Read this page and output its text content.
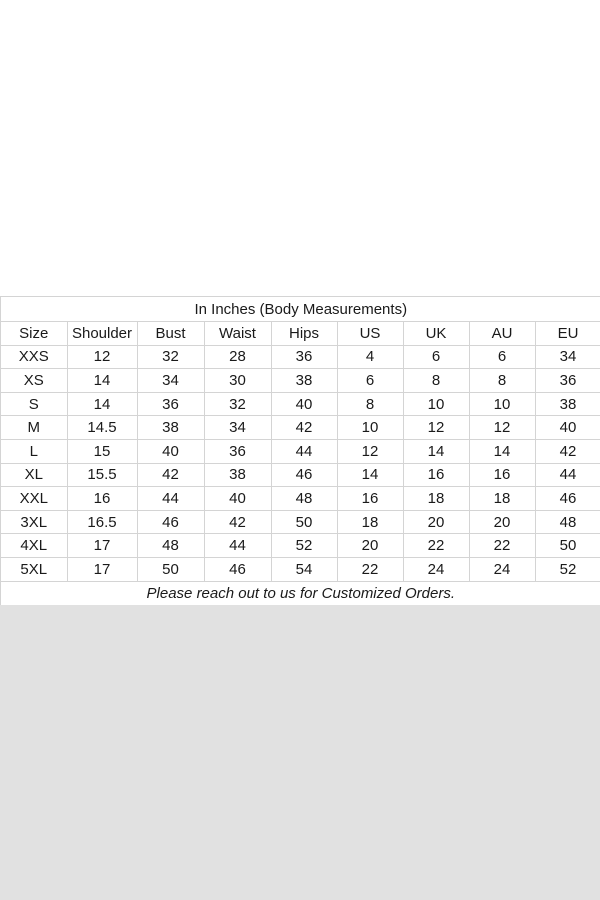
In Inches (Body Measurements)								
Size	Shoulder	Bust	Waist	Hips	US	UK	AU	EU
XXS	12	32	28	36	4	6	6	34
XS	14	34	30	38	6	8	8	36
S	14	36	32	40	8	10	10	38
M	14.5	38	34	42	10	12	12	40
L	15	40	36	44	12	14	14	42
XL	15.5	42	38	46	14	16	16	44
XXL	16	44	40	48	16	18	18	46
3XL	16.5	46	42	50	18	20	20	48
4XL	17	48	44	52	20	22	22	50
5XL	17	50	46	54	22	24	24	52
Please reach out to us for Customized Orders.								
